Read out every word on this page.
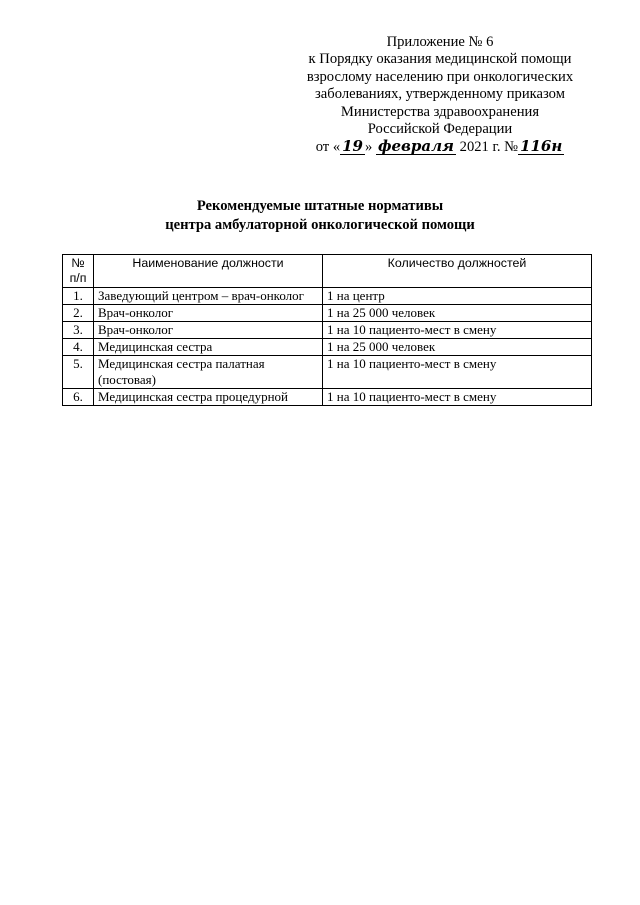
Приложение № 6
к Порядку оказания медицинской помощи
взрослому населению при онкологических
заболеваниях, утвержденному приказом
Министерства здравоохранения
Российской Федерации
от « 19 » февраля 2021 г. № 116н
Рекомендуемые штатные нормативы
центра амбулаторной онкологической помощи
№ п/п	Наименование должности	Количество должностей
1.	Заведующий центром – врач-онколог	1 на центр
2.	Врач-онколог	1 на 25 000 человек
3.	Врач-онколог	1 на 10 пациенто-мест в смену
4.	Медицинская сестра	1 на 25 000 человек
5.	Медицинская сестра палатная (постовая)	1 на 10 пациенто-мест в смену
6.	Медицинская сестра процедурной	1 на 10 пациенто-мест в смену
